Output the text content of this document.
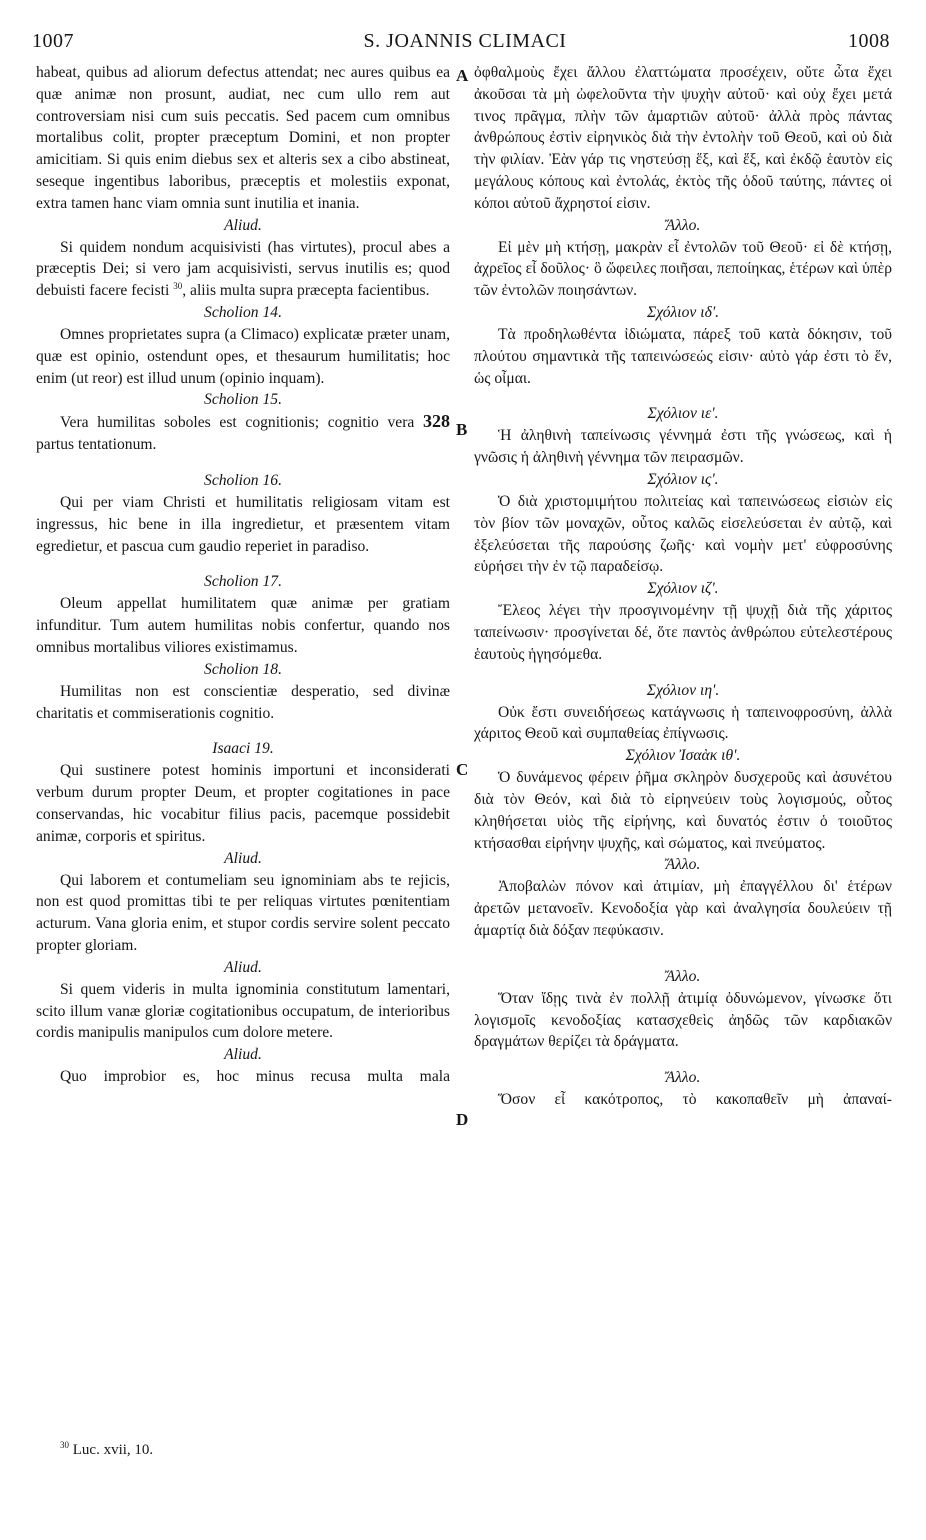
1007	S. JOANNIS CLIMACI	1008
A
B
C
D

habeat, quibus ad aliorum defectus attendat; nec aures quibus ea quæ animæ non prosunt, audiat, nec cum ullo rem aut controversiam nisi cum suis peccatis. Sed pacem cum omnibus mortalibus colit, propter præceptum Domini, et non propter amicitiam. Si quis enim diebus sex et alteris sex a cibo abstineat, seseque ingentibus laboribus, præceptis et molestiis exponat, extra tamen hanc viam omnia sunt inutilia et inania.

Aliud.

Si quidem nondum acquisivisti (has virtutes), procul abes a præceptis Dei; si vero jam acquisivisti, servus inutilis es; quod debuisti facere fecisti $^{30}$, aliis multa supra præcepta facientibus.

Scholion 14.

Omnes proprietates supra (a Climaco) explicatæ præter unam, quæ est opinio, ostendunt opes, et thesaurum humilitatis; hoc enim (ut reor) est illud unum (opinio inquam).

Scholion 15.

Vera humilitas soboles est cognitionis; cognitio vera 328 partus tentationum.

Scholion 16.

Qui per viam Christi et humilitatis religiosam vitam est ingressus, hic bene in illa ingredietur, et præsentem vitam egredietur, et pascua cum gaudio reperiet in paradiso.

Scholion 17.

Oleum appellat humilitatem quæ animæ per gratiam infunditur. Tum autem humilitas nobis confertur, quando nos omnibus mortalibus viliores existimamus.

Scholion 18.

Humilitas non est conscientiæ desperatio, sed divinæ charitatis et commiserationis cognitio.

Isaaci 19.

Qui sustinere potest hominis importuni et inconsiderati verbum durum propter Deum, et propter cogitationes in pace conservandas, hic vocabitur filius pacis, pacemque possidebit animæ, corporis et spiritus.

Aliud.

Qui laborem et contumeliam seu ignominiam abs te rejicis, non est quod promittas tibi te per reliquas virtutes pœnitentiam acturum. Vana gloria enim, et stupor cordis servire solent peccato propter gloriam.

Aliud.

Si quem videris in multa ignominia constitutum lamentari, scito illum vanæ gloriæ cogitationibus occupatum, de interioribus cordis manipulis manipulos cum dolore metere.

Aliud.

Quo improbior es, hoc minus recusa multa mala

ὀφθαλμοὺς ἔχει ἄλλου ἐλαττώματα προσέχειν, οὔτε ὦτα ἔχει ἀκοῦσαι τὰ μὴ ὠφελοῦντα τὴν ψυχὴν αὐτοῦ· καὶ οὐχ ἔχει μετά τινος πρᾶγμα, πλὴν τῶν ἁμαρτιῶν αὐτοῦ· ἀλλὰ πρὸς πάντας ἀνθρώπους ἐστὶν εἰρηνικὸς διὰ τὴν ἐντολὴν τοῦ Θεοῦ, καὶ οὐ διὰ τὴν φιλίαν. Ἐὰν γάρ τις νηστεύσῃ ἕξ, καὶ ἕξ, καὶ ἐκδῷ ἑαυτὸν εἰς μεγάλους κόπους καὶ ἐντολάς, ἐκτὸς τῆς ὁδοῦ ταύτης, πάντες οἱ κόποι αὐτοῦ ἄχρηστοί εἰσιν.

Ἄλλο.

Εἰ μὲν μὴ κτήσῃ, μακρὰν εἶ ἐντολῶν τοῦ Θεοῦ· εἰ δὲ κτήσῃ, ἀχρεῖος εἶ δοῦλος· ὃ ὤφειλες ποιῆσαι, πεποίηκας, ἑτέρων καὶ ὑπὲρ τῶν ἐντολῶν ποιησάντων.

Σχόλιον ιδ'.

Τὰ προδηλωθέντα ἰδιώματα, πάρεξ τοῦ κατὰ δόκησιν, τοῦ πλούτου σημαντικὰ τῆς ταπεινώσεώς εἰσιν· αὐτὸ γάρ ἐστι τὸ ἕν, ὡς οἶμαι.

Σχόλιον ιε'.

Ἡ ἀληθινὴ ταπείνωσις γέννημά ἐστι τῆς γνώσεως, καὶ ἡ γνῶσις ἡ ἀληθινὴ γέννημα τῶν πειρασμῶν.

Σχόλιον ις'.

Ὁ διὰ χριστομιμήτου πολιτείας καὶ ταπεινώσεως εἰσιὼν εἰς τὸν βίον τῶν μοναχῶν, οὗτος καλῶς εἰσελεύσεται ἐν αὐτῷ, καὶ ἐξελεύσεται τῆς παρούσης ζωῆς· καὶ νομὴν μετ' εὐφροσύνης εὑρήσει τὴν ἐν τῷ παραδείσῳ.

Σχόλιον ιζ'.

Ἔλεος λέγει τὴν προσγινομένην τῇ ψυχῇ διὰ τῆς χάριτος ταπείνωσιν· προσγίνεται δέ, ὅτε παντὸς ἀνθρώπου εὐτελεστέρους ἑαυτοὺς ἡγησόμεθα.

Σχόλιον ιη'.

Οὐκ ἔστι συνειδήσεως κατάγνωσις ἡ ταπεινοφροσύνη, ἀλλὰ χάριτος Θεοῦ καὶ συμπαθείας ἐπίγνωσις.

Σχόλιον Ἰσαὰκ ιθ'.

Ὁ δυνάμενος φέρειν ῥῆμα σκληρὸν δυσχεροῦς καὶ ἀσυνέτου διὰ τὸν Θεόν, καὶ διὰ τὸ εἰρηνεύειν τοὺς λογισμούς, οὗτος κληθήσεται υἱὸς τῆς εἰρήνης, καὶ δυνατός ἐστιν ὁ τοιοῦτος κτήσασθαι εἰρήνην ψυχῆς, καὶ σώματος, καὶ πνεύματος.

Ἄλλο.

Ἀποβαλὼν πόνον καὶ ἀτιμίαν, μὴ ἐπαγγέλλου δι' ἑτέρων ἀρετῶν μετανοεῖν. Κενοδοξία γὰρ καὶ ἀναλγησία δουλεύειν τῇ ἁμαρτίᾳ διὰ δόξαν πεφύκασιν.

Ἄλλο.

Ὅταν ἴδῃς τινὰ ἐν πολλῇ ἀτιμίᾳ ὀδυνώμενον, γίνωσκε ὅτι λογισμοῖς κενοδοξίας κατασχεθεὶς ἀηδῶς τῶν καρδιακῶν δραγμάτων θερίζει τὰ δράγματα.

Ἄλλο.

Ὅσον εἶ κακότροπος, τὸ κακοπαθεῖν μὴ ἀπαναί-

$^{30}$ Luc. xvii, 10.
